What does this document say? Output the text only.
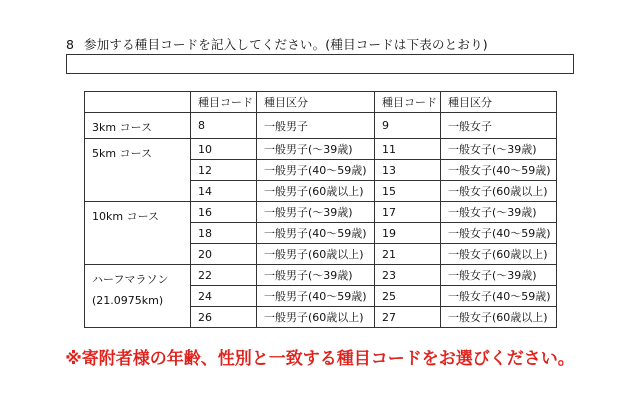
8 参加する種目コードを記入してください。(種目コードは下表のとおり)
	種目コード	種目区分	種目コード	種目区分

3km コース	8	一般男子	9	一般女子

5km コース	10	一般男子(～39歳)	11	一般女子(～39歳)
	12	一般男子(40～59歳)	13	一般女子(40～59歳)
	14	一般男子(60歳以上)	15	一般女子(60歳以上)

10km コース	16	一般男子(～39歳)	17	一般女子(～39歳)
	18	一般男子(40～59歳)	19	一般女子(40～59歳)
	20	一般男子(60歳以上)	21	一般女子(60歳以上)

ハーフマラソン
(21.0975km)	22	一般男子(～39歳)	23	一般女子(～39歳)
	24	一般男子(40～59歳)	25	一般女子(40～59歳)
	26	一般男子(60歳以上)	27	一般女子(60歳以上)
※寄附者様の年齢、性別と一致する種目コードをお選びください。
